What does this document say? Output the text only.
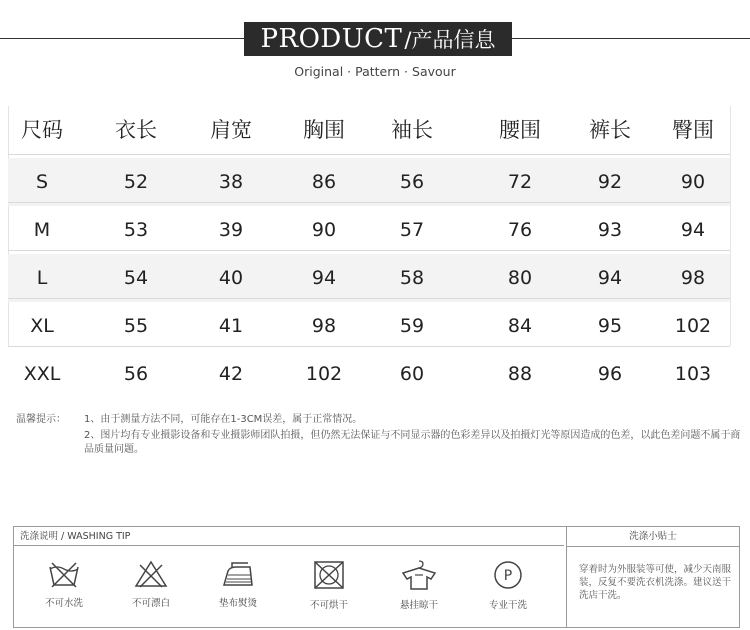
PRODUCT /产品信息
Original · Pattern · Savour
尺码 衣长	肩宽 胸围 袖长	腰围 裤长 臀围
S	52	38	86	56	72	92	90
M	53	39	90	57	76	93	94
L	54	40	94	58	80	94	98
XL	55	41	98	59	84	95	102
XXL	56	42	102	60	88	96	103
温馨提示： 1、由于测量方法不同，可能存在1-3CM误差，属于正常情况。
2、图片均有专业摄影设备和专业摄影师团队拍摄，但仍然无法保证与不同显示器的色彩差异以及拍摄灯光等原因造成的色差，以此色差问题不属于商品质量问题。
洗涤说明 / WASHING TIP	洗涤小贴士
穿着时为外服装等可使，减少天南服装，反复不要洗衣机洗涤。建议送干洗店干洗。
不可水洗	不可漂白	垫布熨烫	不可烘干	悬挂晾干
P
专业干洗
